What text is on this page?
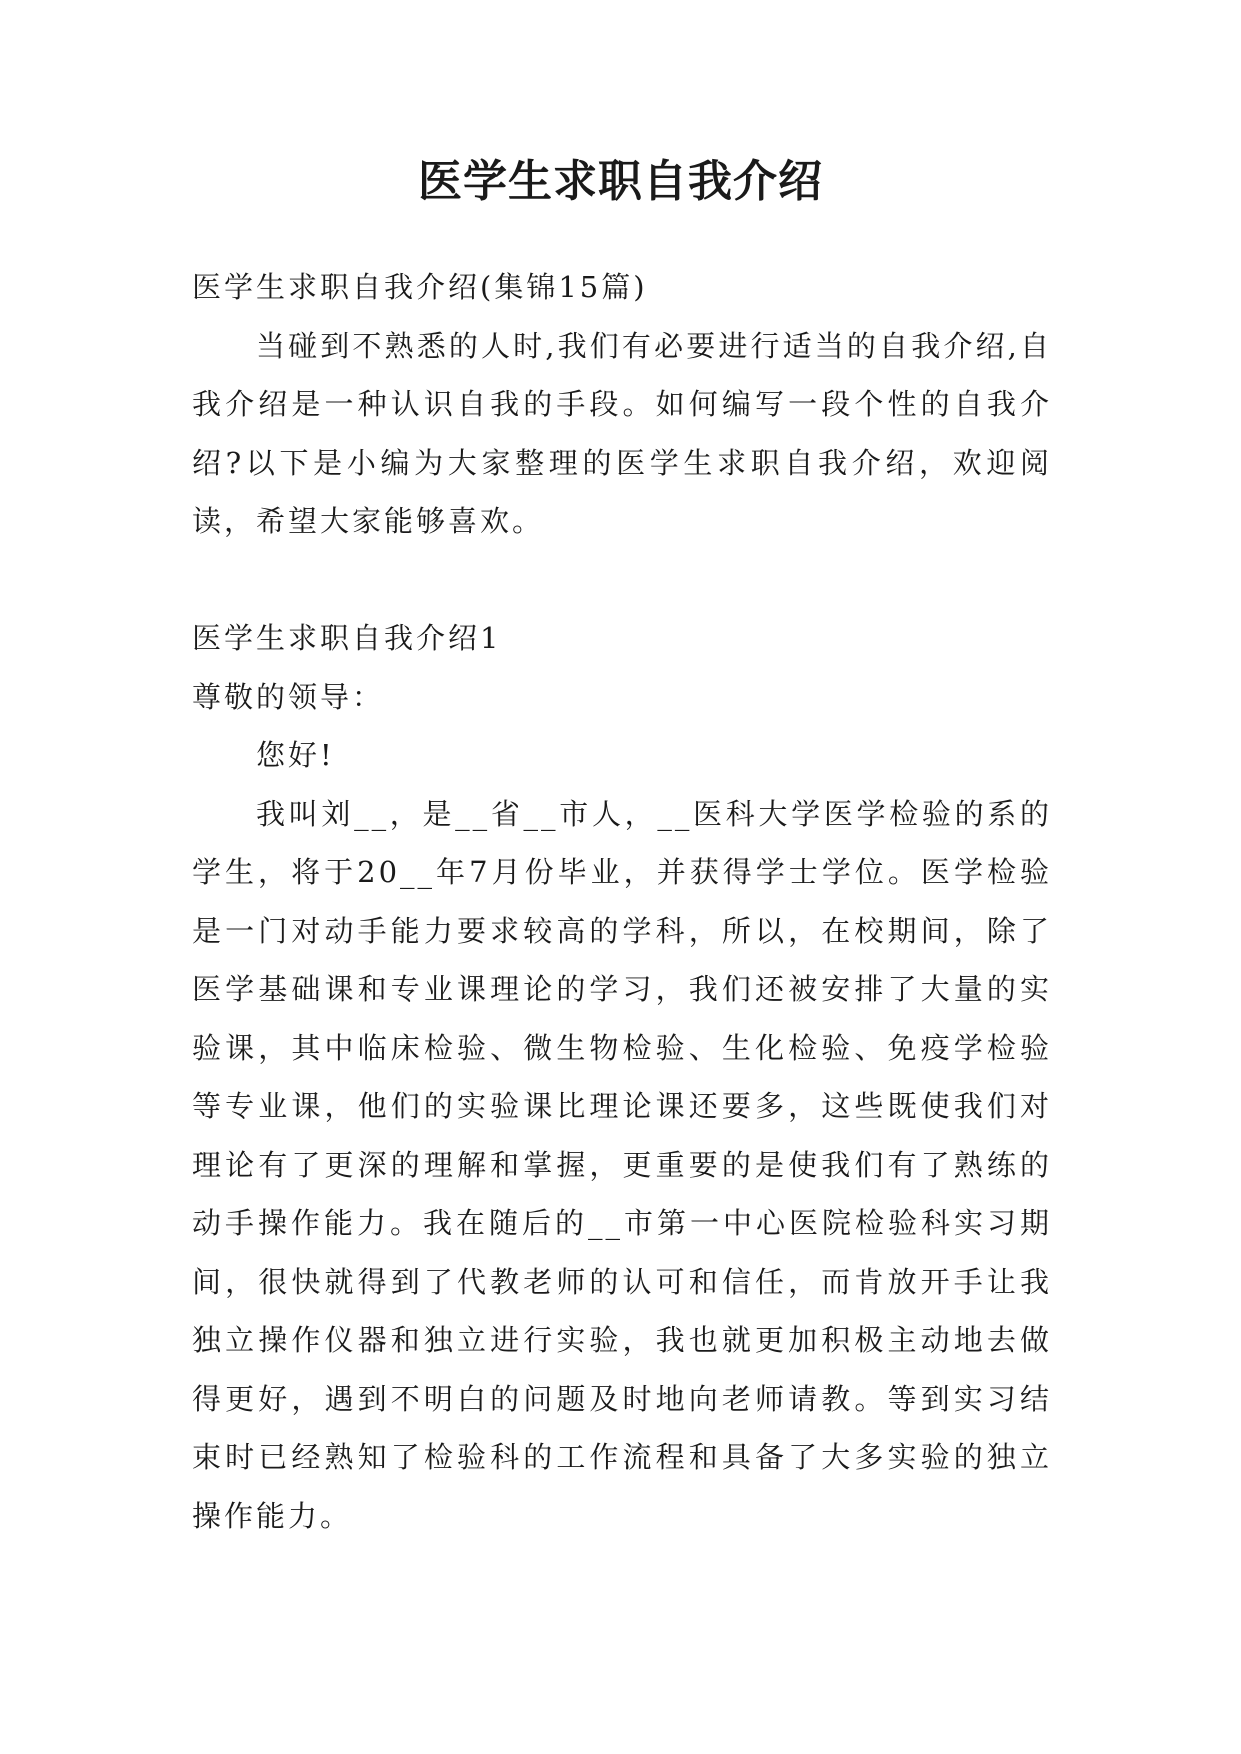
医学生求职自我介绍

医学生求职自我介绍(集锦15篇)

当碰到不熟悉的人时,我们有必要进行适当的自我介绍,自我介绍是一种认识自我的手段。如何编写一段个性的自我介绍?以下是小编为大家整理的医学生求职自我介绍，欢迎阅读，希望大家能够喜欢。

医学生求职自我介绍1

尊敬的领导：

您好!

我叫刘__，是__省__市人，__医科大学医学检验的系的学生，将于20__年7月份毕业，并获得学士学位。医学检验是一门对动手能力要求较高的学科，所以，在校期间，除了医学基础课和专业课理论的学习，我们还被安排了大量的实验课，其中临床检验、微生物检验、生化检验、免疫学检验等专业课，他们的实验课比理论课还要多，这些既使我们对理论有了更深的理解和掌握，更重要的是使我们有了熟练的动手操作能力。我在随后的__市第一中心医院检验科实习期间，很快就得到了代教老师的认可和信任，而肯放开手让我独立操作仪器和独立进行实验，我也就更加积极主动地去做得更好，遇到不明白的问题及时地向老师请教。等到实习结束时已经熟知了检验科的工作流程和具备了大多实验的独立操作能力。
